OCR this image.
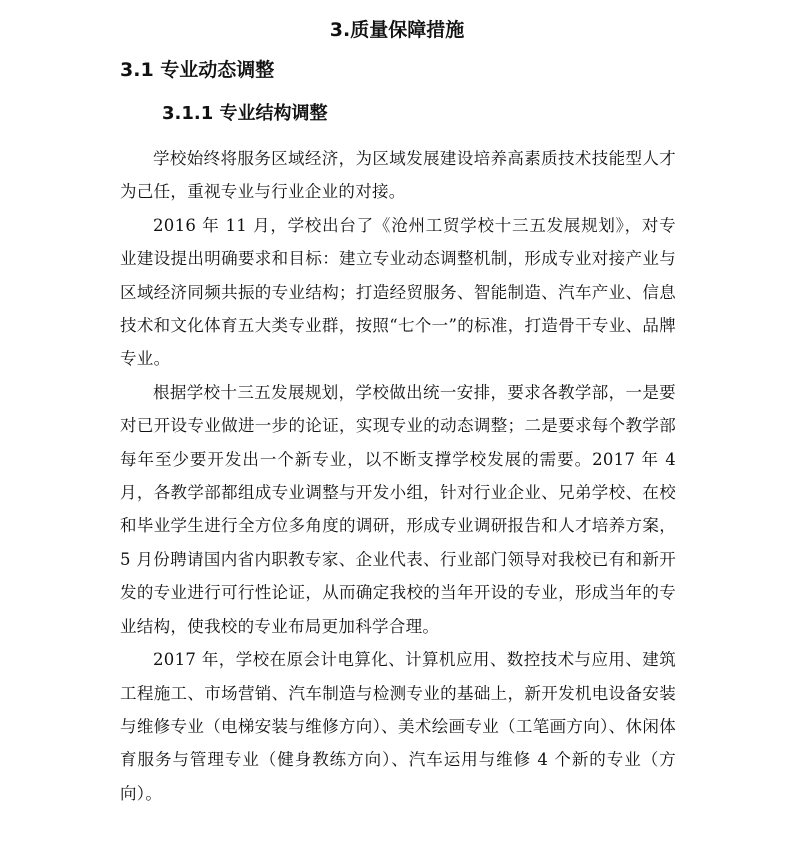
3.质量保障措施
3.1 专业动态调整
3.1.1 专业结构调整

学校始终将服务区域经济，为区域发展建设培养高素质技术技能型人才为己任，重视专业与行业企业的对接。

2016 年 11 月，学校出台了《沧州工贸学校十三五发展规划》，对专业建设提出明确要求和目标：建立专业动态调整机制，形成专业对接产业与区域经济同频共振的专业结构；打造经贸服务、智能制造、汽车产业、信息技术和文化体育五大类专业群，按照“七个一”的标准，打造骨干专业、品牌专业。

根据学校十三五发展规划，学校做出统一安排，要求各教学部，一是要对已开设专业做进一步的论证，实现专业的动态调整；二是要求每个教学部每年至少要开发出一个新专业，以不断支撑学校发展的需要。2017 年 4 月，各教学部都组成专业调整与开发小组，针对行业企业、兄弟学校、在校和毕业学生进行全方位多角度的调研，形成专业调研报告和人才培养方案，5 月份聘请国内省内职教专家、企业代表、行业部门领导对我校已有和新开发的专业进行可行性论证，从而确定我校的当年开设的专业，形成当年的专业结构，使我校的专业布局更加科学合理。

2017 年，学校在原会计电算化、计算机应用、数控技术与应用、建筑工程施工、市场营销、汽车制造与检测专业的基础上，新开发机电设备安装与维修专业（电梯安装与维修方向）、美术绘画专业（工笔画方向）、休闲体育服务与管理专业（健身教练方向）、汽车运用与维修 4 个新的专业（方向）。
